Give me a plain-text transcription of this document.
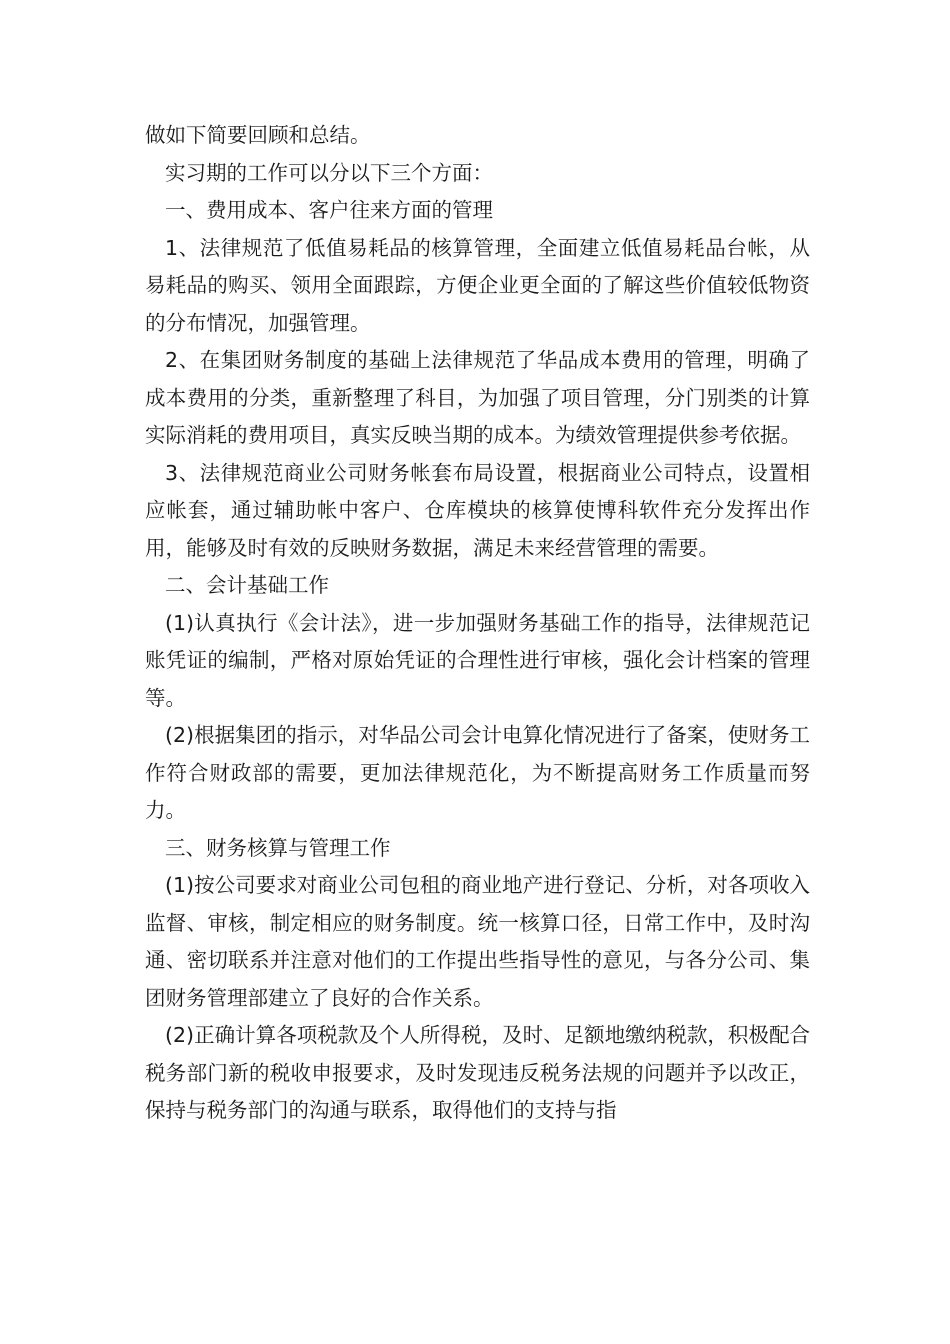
做如下简要回顾和总结。

实习期的工作可以分以下三个方面：

一、费用成本、客户往来方面的管理

1、法律规范了低值易耗品的核算管理，全面建立低值易耗品台帐，从易耗品的购买、领用全面跟踪，方便企业更全面的了解这些价值较低物资的分布情况，加强管理。

2、在集团财务制度的基础上法律规范了华品成本费用的管理，明确了成本费用的分类，重新整理了科目，为加强了项目管理，分门别类的计算实际消耗的费用项目，真实反映当期的成本。为绩效管理提供参考依据。

3、法律规范商业公司财务帐套布局设置，根据商业公司特点，设置相应帐套，通过辅助帐中客户、仓库模块的核算使博科软件充分发挥出作用，能够及时有效的反映财务数据，满足未来经营管理的需要。

二、会计基础工作

(1)认真执行《会计法》，进一步加强财务基础工作的指导，法律规范记账凭证的编制，严格对原始凭证的合理性进行审核，强化会计档案的管理等。

(2)根据集团的指示，对华品公司会计电算化情况进行了备案，使财务工作符合财政部的需要，更加法律规范化，为不断提高财务工作质量而努力。

三、财务核算与管理工作

(1)按公司要求对商业公司包租的商业地产进行登记、分析，对各项收入监督、审核，制定相应的财务制度。统一核算口径，日常工作中，及时沟通、密切联系并注意对他们的工作提出些指导性的意见，与各分公司、集团财务管理部建立了良好的合作关系。

(2)正确计算各项税款及个人所得税，及时、足额地缴纳税款，积极配合税务部门新的税收申报要求，及时发现违反税务法规的问题并予以改正，保持与税务部门的沟通与联系，取得他们的支持与指
